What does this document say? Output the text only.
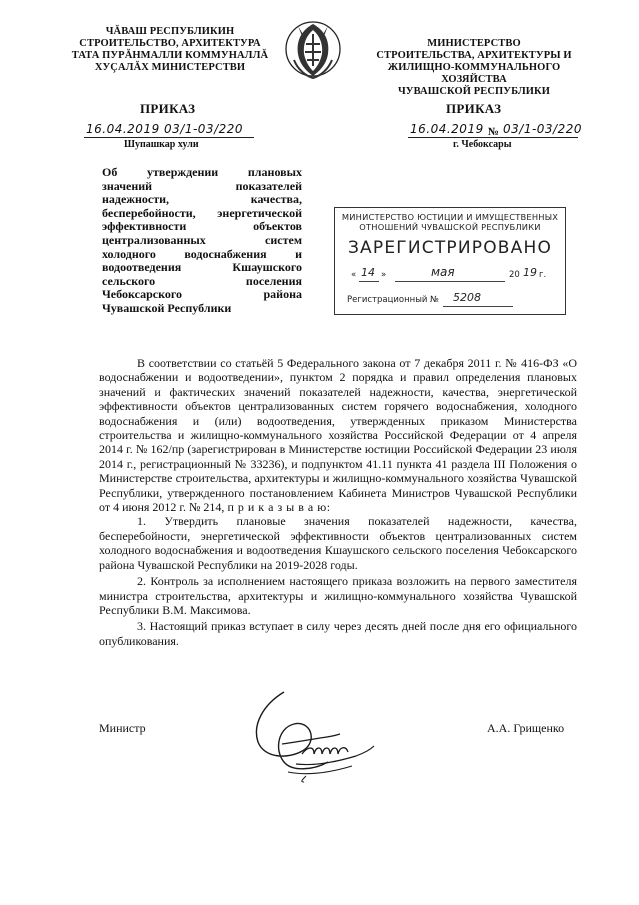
ЧĂВАШ РЕСПУБЛИКИН
СТРОИТЕЛЬСТВО, АРХИТЕКТУРА
ТАТА ПУРĂНМАЛЛИ КОММУНАЛЛĂ
ХУÇАЛĂХ МИНИСТЕРСТВИ
МИНИСТЕРСТВО
СТРОИТЕЛЬСТВА, АРХИТЕКТУРЫ И
ЖИЛИЩНО-КОММУНАЛЬНОГО ХОЗЯЙСТВА
ЧУВАШСКОЙ РЕСПУБЛИКИ
ПРИКАЗ	ПРИКАЗ
16.04.2019 03/1-03/220
Шупашкар хули
16.04.2019 № 03/1-03/220
г. Чебоксары
Об утверждении плановых
значений показателей
надежности, качества,
бесперебойности, энергетической
эффективности объектов
централизованных систем
холодного водоснабжения и
водоотведения Кшаушского
сельского поселения
Чебоксарского района
Чувашской Республики
МИНИСТЕРСТВО ЮСТИЦИИ И ИМУЩЕСТВЕННЫХ
ОТНОШЕНИЙ ЧУВАШСКОЙ РЕСПУБЛИКИ
ЗАРЕГИСТРИРОВАНО
« 14 »	мая	20 19 г.
Регистрационный № 5208

В соответствии со статьёй 5 Федерального закона от 7 декабря 2011 г. № 416-ФЗ «О водоснабжении и водоотведении», пунктом 2 порядка и правил определения плановых значений и фактических значений показателей надежности, качества, энергетической эффективности объектов централизованных систем горячего водоснабжения, холодного водоснабжения и (или) водоотведения, утвержденных приказом Министерства строительства и жилищно-коммунального хозяйства Российской Федерации от 4 апреля 2014 г. № 162/пр (зарегистрирован в Министерстве юстиции Российской Федерации 23 июля 2014 г., регистрационный № 33236), и подпунктом 41.11 пункта 41 раздела III Положения о Министерстве строительства, архитектуры и жилищно-коммунального хозяйства Чувашской Республики, утвержденного постановлением Кабинета Министров Чувашской Республики от 4 июня 2012 г. № 214, п р и к а з ы в а ю:

1. Утвердить плановые значения показателей надежности, качества, бесперебойности, энергетической эффективности объектов централизованных систем холодного водоснабжения и водоотведения Кшаушского сельского поселения Чебоксарского района Чувашской Республики на 2019-2028 годы.

2. Контроль за исполнением настоящего приказа возложить на первого заместителя министра строительства, архитектуры и жилищно-коммунального хозяйства Чувашской Республики В.М. Максимова.

3. Настоящий приказ вступает в силу через десять дней после дня его официального опубликования.

Министр	А.А. Грищенко
